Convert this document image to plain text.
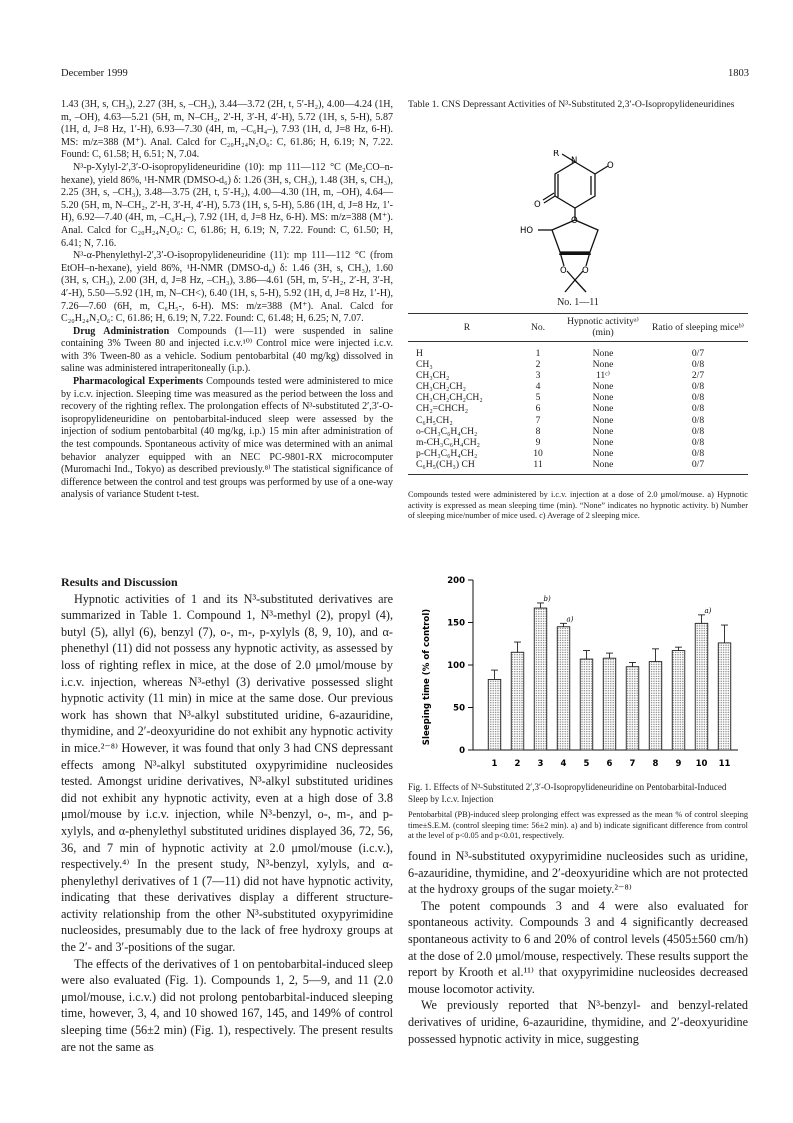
December 1999	1803

1.43 (3H, s, CH₃), 2.27 (3H, s, –CH₃), 3.44—3.72 (2H, t, 5′-H₂), 4.00—4.24 (1H, m, –OH), 4.63—5.21 (5H, m, N–CH₂, 2′-H, 3′-H, 4′-H), 5.72 (1H, s, 5-H), 5.87 (1H, d, J=8 Hz, 1′-H), 6.93—7.30 (4H, m, –C₆H₄–), 7.93 (1H, d, J=8 Hz, 6-H). MS: m/z=388 (M⁺). Anal. Calcd for C₂₀H₂₄N₂O₆: C, 61.86; H, 6.19; N, 7.22. Found: C, 61.58; H, 6.51; N, 7.04.

N³-p-Xylyl-2′,3′-O-isopropylideneuridine (10): mp 111—112 °C (Me₂CO–n-hexane), yield 86%, ¹H-NMR (DMSO-d₆) δ: 1.26 (3H, s, CH₃), 1.48 (3H, s, CH₃), 2.25 (3H, s, –CH₃), 3.48—3.75 (2H, t, 5′-H₂), 4.00—4.30 (1H, m, –OH), 4.64—5.20 (5H, m, N–CH₂, 2′-H, 3′-H, 4′-H), 5.73 (1H, s, 5-H), 5.86 (1H, d, J=8 Hz, 1′-H), 6.92—7.40 (4H, m, –C₆H₄–), 7.92 (1H, d, J=8 Hz, 6-H). MS: m/z=388 (M⁺). Anal. Calcd for C₂₀H₂₄N₂O₆: C, 61.86; H, 6.19; N, 7.22. Found: C, 61.50; H, 6.41; N, 7.16.

N³-α-Phenylethyl-2′,3′-O-isopropylideneuridine (11): mp 111—112 °C (from EtOH–n-hexane), yield 86%, ¹H-NMR (DMSO-d₆) δ: 1.46 (3H, s, CH₃), 1.60 (3H, s, CH₃), 2.00 (3H, d, J=8 Hz, –CH₃), 3.86—4.61 (5H, m, 5′-H₂, 2′-H, 3′-H, 4′-H), 5.50—5.92 (1H, m, N–CH<), 6.40 (1H, s, 5-H), 5.92 (1H, d, J=8 Hz, 1′-H), 7.26—7.60 (6H, m, C₆H₅-, 6-H). MS: m/z=388 (M⁺). Anal. Calcd for C₂₀H₂₄N₂O₆: C, 61.86; H, 6.19; N, 7.22. Found: C, 61.48; H, 6.25; N, 7.07.

Drug Administration Compounds (1—11) were suspended in saline containing 3% Tween 80 and injected i.c.v.¹⁰⁾ Control mice were injected i.c.v. with 3% Tween-80 as a vehicle. Sodium pentobarbital (40 mg/kg) dissolved in saline was administered intraperitoneally (i.p.).

Pharmacological Experiments Compounds tested were administered to mice by i.c.v. injection. Sleeping time was measured as the period between the loss and recovery of the righting reflex. The prolongation effects of N³-substituted 2′,3′-O-isopropylideneuridine on pentobarbital-induced sleep were assessed by the injection of sodium pentobarbital (40 mg/kg, i.p.) 15 min after administration of the test compounds. Spontaneous activity of mice was determined with an animal behavior analyzer equipped with an NEC PC-9801-RX microcomputer (Muromachi Ind., Tokyo) as described previously.⁸⁾ The statistical significance of difference between the control and test groups was performed by use of a one-way analysis of variance Student t-test.

Results and Discussion

Hypnotic activities of 1 and its N³-substituted derivatives are summarized in Table 1. Compound 1, N³-methyl (2), propyl (4), butyl (5), allyl (6), benzyl (7), o-, m-, p-xylyls (8, 9, 10), and α-phenethyl (11) did not possess any hypnotic activity, as assessed by loss of righting reflex in mice, at the dose of 2.0 μmol/mouse by i.c.v. injection, whereas N³-ethyl (3) derivative possessed slight hypnotic activity (11 min) in mice at the same dose. Our previous work has shown that N³-alkyl substituted uridine, 6-azauridine, thymidine, and 2′-deoxyuridine do not exhibit any hypnotic activity in mice.²⁻⁸⁾ However, it was found that only 3 had CNS depressant effects among N³-alkyl substituted oxypyrimidine nucleosides tested. Amongst uridine derivatives, N³-alkyl substituted uridines did not exhibit any hypnotic activity, even at a high dose of 3.8 μmol/mouse by i.c.v. injection, while N³-benzyl, o-, m-, and p-xylyls, and α-phenylethyl substituted uridines displayed 36, 72, 56, 36, and 7 min of hypnotic activity at 2.0 μmol/mouse (i.c.v.), respectively.⁴⁾ In the present study, N³-benzyl, xylyls, and α-phenylethyl derivatives of 1 (7—11) did not have hypnotic activity, indicating that these derivatives display a different structure-activity relationship from the other N³-substituted oxypyrimidine nucleosides, presumably due to the lack of free hydroxy groups at the 2′- and 3′-positions of the sugar.

The effects of the derivatives of 1 on pentobarbital-induced sleep were also evaluated (Fig. 1). Compounds 1, 2, 5—9, and 11 (2.0 μmol/mouse, i.c.v.) did not prolong pentobarbital-induced sleeping time, however, 3, 4, and 10 showed 167, 145, and 149% of control sleeping time (56±2 min) (Fig. 1), respectively. The present results are not the same as

Table 1. CNS Depressant Activities of N³-Substituted 2,3′-O-Isopropylideneuridines
R
N	O
O
O
HO
O O
No. 1—11
R	No.	Hypnotic activityᵃ⁾ (min)	Ratio of sleeping miceᵇ⁾
H	1	None	0/7
CH₃	2	None	0/8
CH₃CH₂	3	11ᶜ⁾	2/7
CH₃CH₂CH₂	4	None	0/8
CH₃CH₂CH₂CH₂	5	None	0/8
CH₂=CHCH₂	6	None	0/8
C₆H₅CH₂	7	None	0/8
o-CH₃C₆H₄CH₂	8	None	0/8
m-CH₃C₆H₄CH₂	9	None	0/8
p-CH₃C₆H₄CH₂	10	None	0/8
C₆H₅(CH₃) CH	11	None	0/7
Compounds tested were administered by i.c.v. injection at a dose of 2.0 μmol/mouse. a) Hypnotic activity is expressed as mean sleeping time (min). “None” indicates no hypnotic activity. b) Number of sleeping mice/number of mice used. c) Average of 2 sleeping mice.
Sleeping time (% of control)
0
50
100
150
200
1 2
b)
3
a)
4 5 6 7 8 9
a)
10 11
Fig. 1. Effects of N³-Substituted 2′,3′-O-Isopropylideneuridine on Pentobarbital-Induced Sleep by I.c.v. Injection
Pentobarbital (PB)-induced sleep prolonging effect was expressed as the mean % of control sleeping time±S.E.M. (control sleeping time: 56±2 min). a) and b) indicate significant difference from control at the level of p<0.05 and p<0.01, respectively.

found in N³-substituted oxypyrimidine nucleosides such as uridine, 6-azauridine, thymidine, and 2′-deoxyuridine which are not protected at the hydroxy groups of the sugar moiety.²⁻⁸⁾

The potent compounds 3 and 4 were also evaluated for spontaneous activity. Compounds 3 and 4 significantly decreased spontaneous activity to 6 and 20% of control levels (4505±560 cm/h) at the dose of 2.0 μmol/mouse, respectively. These results support the report by Krooth et al.¹¹⁾ that oxypyrimidine nucleosides decreased mouse locomotor activity.

We previously reported that N³-benzyl- and benzyl-related derivatives of uridine, 6-azauridine, thymidine, and 2′-deoxyuridine possessed hypnotic activity in mice, suggesting
